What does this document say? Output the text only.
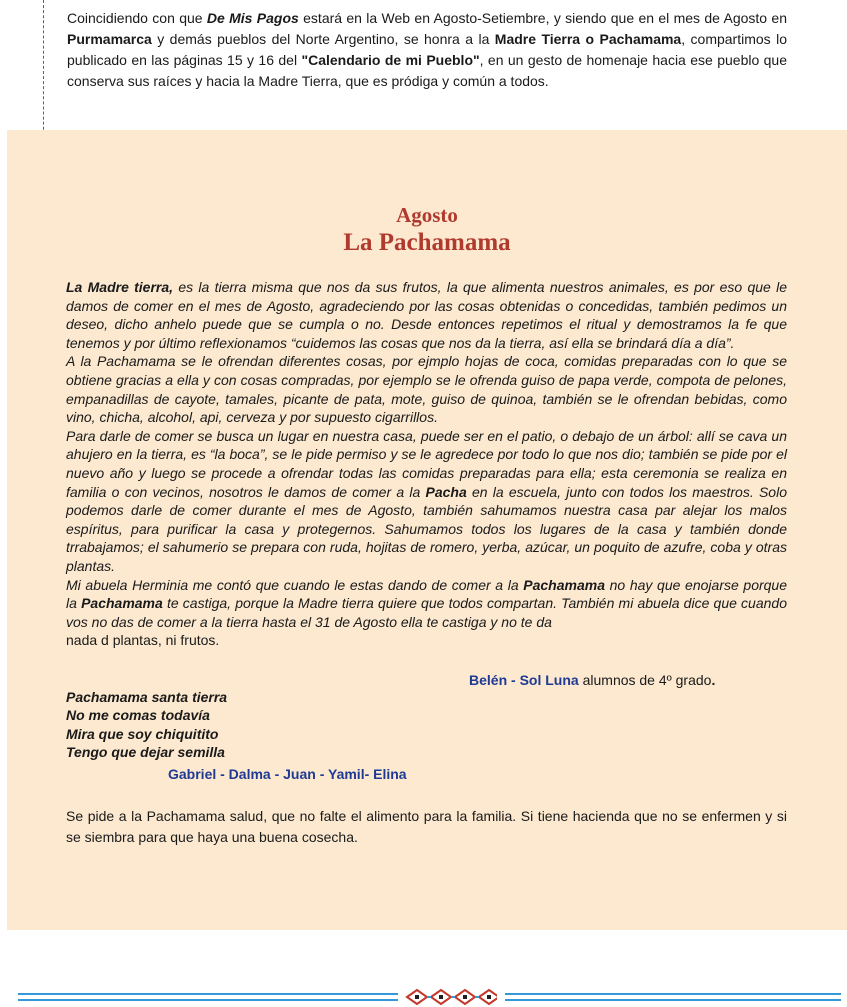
Coincidiendo con que De Mis Pagos estará en la Web en Agosto-Setiembre, y siendo que en el mes de Agosto en Purmamarca y demás pueblos del Norte Argentino, se honra a la Madre Tierra o Pachamama, compartimos lo publicado en las páginas 15 y 16 del "Calendario de mi Pueblo", en un gesto de homenaje hacia ese pueblo que conserva sus raíces y hacia la Madre Tierra, que es pródiga y común a todos.
Agosto
La Pachamama

La Madre tierra, es la tierra misma que nos da sus frutos, la que alimenta nuestros animales, es por eso que le damos de comer en el mes de Agosto, agradeciendo por las cosas obtenidas o concedidas, también pedimos un deseo, dicho anhelo puede que se cumpla o no. Desde entonces repetimos el ritual y demostramos la fe que tenemos y por último reflexionamos “cuidemos las cosas que nos da la tierra, así ella se brindará día a día”.

A la Pachamama se le ofrendan diferentes cosas, por ejmplo hojas de coca, comidas preparadas con lo que se obtiene gracias a ella y con cosas compradas, por ejemplo se le ofrenda guiso de papa verde, compota de pelones, empanadillas de cayote, tamales, picante de pata, mote, guiso de quinoa, también se le ofrendan bebidas, como vino, chicha, alcohol, api, cerveza y por supuesto cigarrillos.

Para darle de comer se busca un lugar en nuestra casa, puede ser en el patio, o debajo de un árbol: allí se cava un ahujero en la tierra, es “la boca”, se le pide permiso y se le agredece por todo lo que nos dio; también se pide por el nuevo año y luego se procede a ofrendar todas las comidas preparadas para ella; esta ceremonia se realiza en familia o con vecinos, nosotros le damos de comer a la Pacha en la escuela, junto con todos los maestros. Solo podemos darle de comer durante el mes de Agosto, también sahumamos nuestra casa par alejar los malos espíritus, para purificar la casa y protegernos. Sahumamos todos los lugares de la casa y también donde trrabajamos; el sahumerio se prepara con ruda, hojitas de romero, yerba, azúcar, un poquito de azufre, coba y otras plantas.

Mi abuela Herminia me contó que cuando le estas dando de comer a la Pachamama no hay que enojarse porque la Pachamama te castiga, porque la Madre tierra quiere que todos compartan. También mi abuela dice que cuando vos no das de comer a la tierra hasta el 31 de Agosto ella te castiga y no te da

nada d plantas, ni frutos.

Belén - Sol Luna alumnos de 4º grado.
Pachamama santa tierra
No me comas todavía
Mira que soy chiquitito
Tengo que dejar semilla
Gabriel - Dalma - Juan - Yamil- Elina
Se pide a la Pachamama salud, que no falte el alimento para la familia. Si tiene hacienda que no se enfermen y si se siembra para que haya una buena cosecha.
